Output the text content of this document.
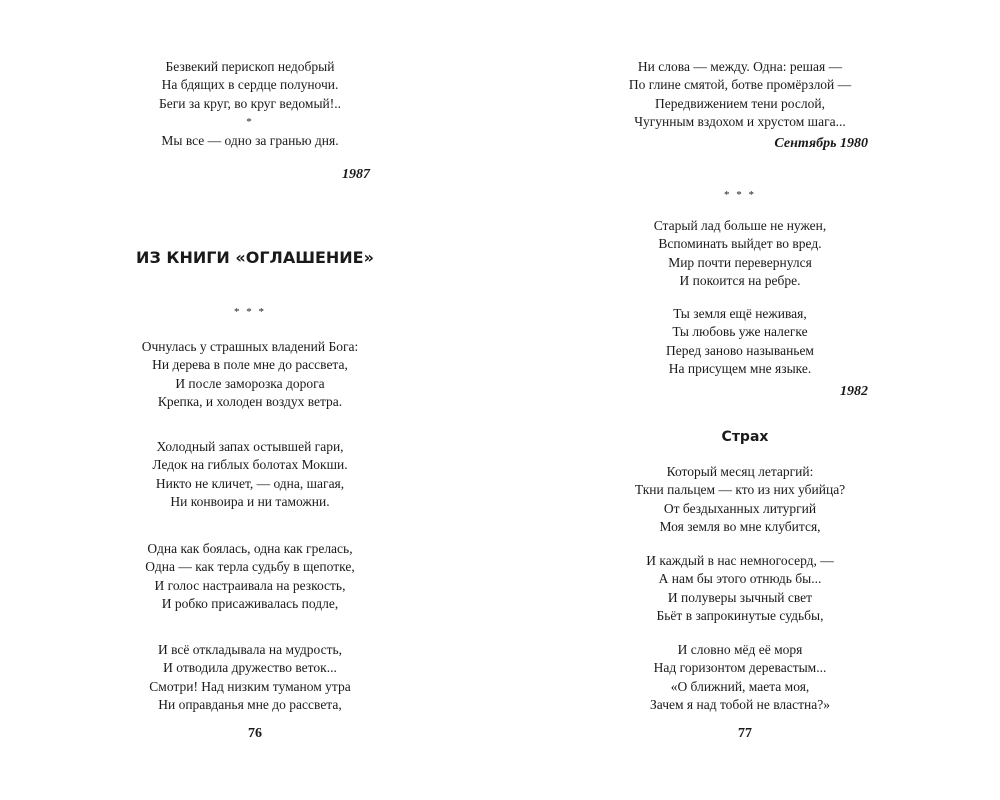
Безвекий перископ недобрый
На бдящих в сердце полуночи.
Беги за круг, во круг ведомый!..
*
Мы все — одно за гранью дня.
1987
ИЗ КНИГИ «ОГЛАШЕНИЕ»
* * *
Очнулась у страшных владений Бога:
Ни дерева в поле мне до рассвета,
И после заморозка дорога
Крепка, и холоден воздух ветра.
Холодный запах остывшей гари,
Ледок на гиблых болотах Мокши.
Никто не кличет, — одна, шагая,
Ни конвоира и ни таможни.
Одна как боялась, одна как грелась,
Одна — как терла судьбу в щепотке,
И голос настраивала на резкость,
И робко присаживалась подле,
И всё откладывала на мудрость,
И отводила дружество веток...
Смотри! Над низким туманом утра
Ни оправданья мне до рассвета,
76
Ни слова — между. Одна: решая —
По глине смятой, ботве промёрзлой —
Передвижением тени рослой,
Чугунным вздохом и хрустом шага...
Сентябрь 1980
* * *
Старый лад больше не нужен,
Вспоминать выйдет во вред.
Мир почти перевернулся
И покоится на ребре.
Ты земля ещё неживая,
Ты любовь уже налегке
Перед заново называньем
На присущем мне языке.
1982
Страх
Который месяц летаргий:
Ткни пальцем — кто из них убийца?
От бездыханных литургий
Моя земля во мне клубится,
И каждый в нас немногосерд, —
А нам бы этого отнюдь бы...
И полуверы зычный свет
Бьёт в запрокинутые судьбы,
И словно мёд её моря
Над горизонтом деревастым...
«О ближний, маета моя,
Зачем я над тобой не властна?»
77
